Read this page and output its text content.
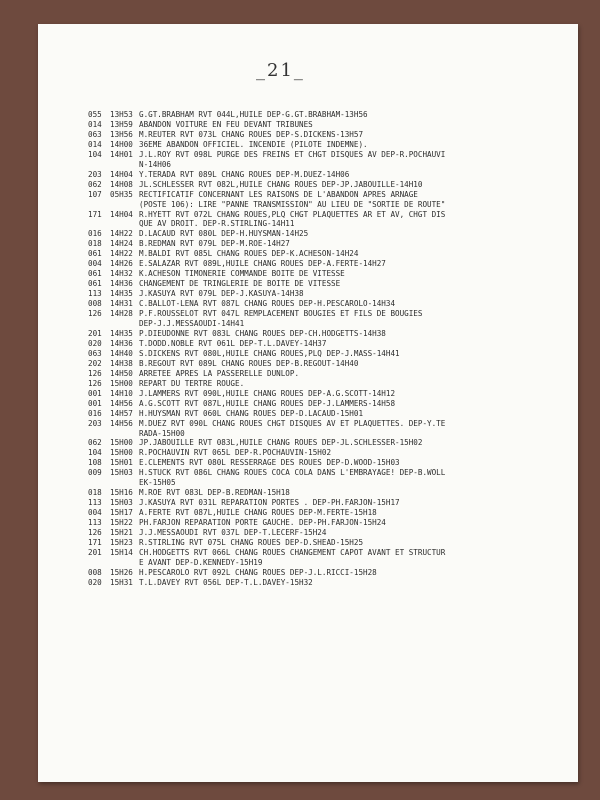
_21_
055	13H53 G.GT.BRABHAM RVT 044L,HUILE DEP-G.GT.BRABHAM-13H56
014	13H59 ABANDON VOITURE EN FEU DEVANT TRIBUNES
063	13H56 M.REUTER RVT 073L CHANG ROUES DEP-S.DICKENS-13H57
014	14H00 36EME ABANDON OFFICIEL. INCENDIE (PILOTE INDEMNE).
104	14H01 J.L.ROY RVT 098L PURGE DES FREINS ET CHGT DISQUES AV DEP-R.POCHAUVI
N-14H06
203	14H04 Y.TERADA RVT 089L CHANG ROUES DEP-M.DUEZ-14H06
062	14H08 JL.SCHLESSER RVT 082L,HUILE CHANG ROUES DEP-JP.JABOUILLE-14H10
107	05H35 RECTIFICATIF CONCERNANT LES RAISONS DE L'ABANDON APRES ARNAGE
(POSTE 106): LIRE "PANNE TRANSMISSION" AU LIEU DE "SORTIE DE ROUTE"
171	14H04 R.HYETT RVT 072L CHANG ROUES,PLQ CHGT PLAQUETTES AR ET AV, CHGT DIS
QUE AV DROIT. DEP-R.STIRLING-14H11
016	14H22 D.LACAUD RVT 080L DEP-H.HUYSMAN-14H25
018	14H24 B.REDMAN RVT 079L DEP-M.ROE-14H27
061	14H22 M.BALDI RVT 085L CHANG ROUES DEP-K.ACHESON-14H24
004	14H26 E.SALAZAR RVT 089L,HUILE CHANG ROUES DEP-A.FERTE-14H27
061	14H32 K.ACHESON TIMONERIE COMMANDE BOITE DE VITESSE
061	14H36 CHANGEMENT DE TRINGLERIE DE BOITE DE VITESSE
113	14H35 J.KASUYA RVT 079L DEP-J.KASUYA-14H38
008	14H31 C.BALLOT-LENA RVT 087L CHANG ROUES DEP-H.PESCAROLO-14H34
126	14H28 P.F.ROUSSELOT RVT 047L REMPLACEMENT BOUGIES ET FILS DE BOUGIES
DEP-J.J.MESSAOUDI-14H41
201	14H35 P.DIEUDONNE RVT 083L CHANG ROUES DEP-CH.HODGETTS-14H38
020	14H36 T.DODD.NOBLE RVT 061L DEP-T.L.DAVEY-14H37
063	14H40 S.DICKENS RVT 080L,HUILE CHANG ROUES,PLQ DEP-J.MASS-14H41
202	14H38 B.REGOUT RVT 089L CHANG ROUES DEP-B.REGOUT-14H40
126	14H50 ARRETEE APRES LA PASSERELLE DUNLOP.
126	15H00 REPART DU TERTRE ROUGE.
001	14H10 J.LAMMERS RVT 090L,HUILE CHANG ROUES DEP-A.G.SCOTT-14H12
001	14H56 A.G.SCOTT RVT 087L,HUILE CHANG ROUES DEP-J.LAMMERS-14H58
016	14H57 H.HUYSMAN RVT 060L CHANG ROUES DEP-D.LACAUD-15H01
203	14H56 M.DUEZ RVT 090L CHANG ROUES CHGT DISQUES AV ET PLAQUETTES. DEP-Y.TE
RADA-15H00
062	15H00 JP.JABOUILLE RVT 083L,HUILE CHANG ROUES DEP-JL.SCHLESSER-15H02
104	15H00 R.POCHAUVIN RVT 065L DEP-R.POCHAUVIN-15H02
108	15H01 E.CLEMENTS RVT 080L RESSERRAGE DES ROUES DEP-D.WOOD-15H03
009	15H03 H.STUCK RVT 086L CHANG ROUES COCA COLA DANS L'EMBRAYAGE! DEP-B.WOLL
EK-15H05
018	15H16 M.ROE RVT 083L DEP-B.REDMAN-15H18
113	15H03 J.KASUYA RVT 031L REPARATION PORTES . DEP-PH.FARJON-15H17
004	15H17 A.FERTE RVT 087L,HUILE CHANG ROUES DEP-M.FERTE-15H18
113	15H22 PH.FARJON REPARATION PORTE GAUCHE. DEP-PH.FARJON-15H24
126	15H21 J.J.MESSAOUDI RVT 037L DEP-T.LECERF-15H24
171	15H23 R.STIRLING RVT 075L CHANG ROUES DEP-D.SHEAD-15H25
201	15H14 CH.HODGETTS RVT 066L CHANG ROUES CHANGEMENT CAPOT AVANT ET STRUCTUR
E AVANT DEP-D.KENNEDY-15H19
008	15H26 H.PESCAROLO RVT 092L CHANG ROUES DEP-J.L.RICCI-15H28
020	15H31 T.L.DAVEY RVT 056L DEP-T.L.DAVEY-15H32
